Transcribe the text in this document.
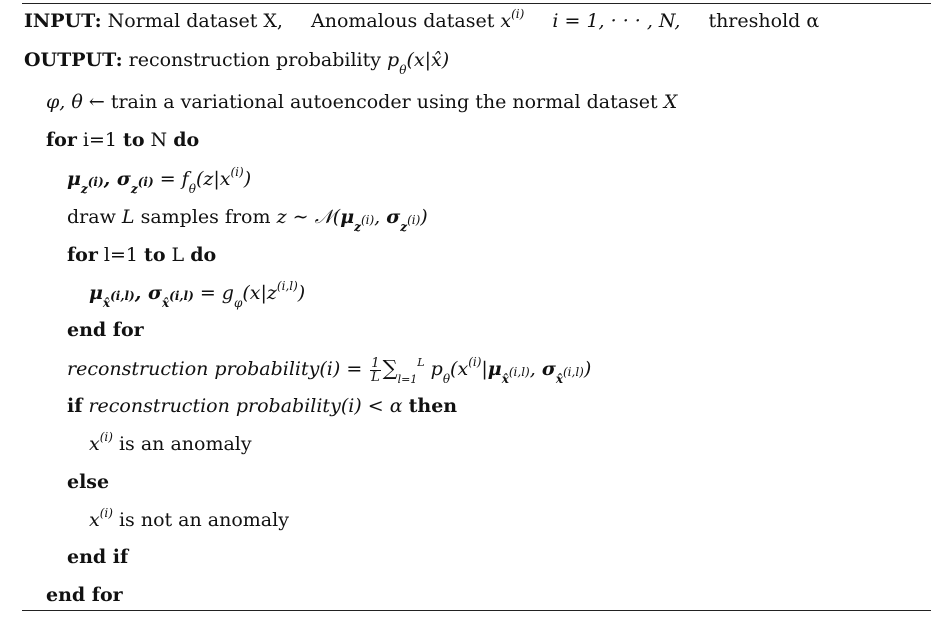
INPUT: Normal dataset X, Anomalous dataset $x^{(i)}$ i = 1, · · · , N, threshold α
OUTPUT: reconstruction probability $p_\theta(x|x̂)$
φ, θ ← train a variational autoencoder using the normal dataset X
for i=1 to N do
$\mu_{z^{(i)}}$, $\sigma_{z^{(i)}} = f_\theta(z|x^{(i)})$
draw L samples from z ∼ $𝒩(\mu_{z^{(i)}}$, $\sigma_{z^{(i)}}$)
for l=1 to L do
$\mu_{x̂^{(i,l)}}$, $\sigma_{x̂^{(i,l)}} = g_\varphi(x|z^{(i,l)})$
end for
reconstruction probability(i) = $\frac{1}{L} \sum_{l=1}^L$ $p_\theta(x^{(i)}|\mu_{x̂^{(i,l)}}$, $\sigma_{x̂^{(i,l)}}$)
if reconstruction probability(i) < α then
$x^{(i)}$ is an anomaly
else
$x^{(i)}$ is not an anomaly
end if
end for
